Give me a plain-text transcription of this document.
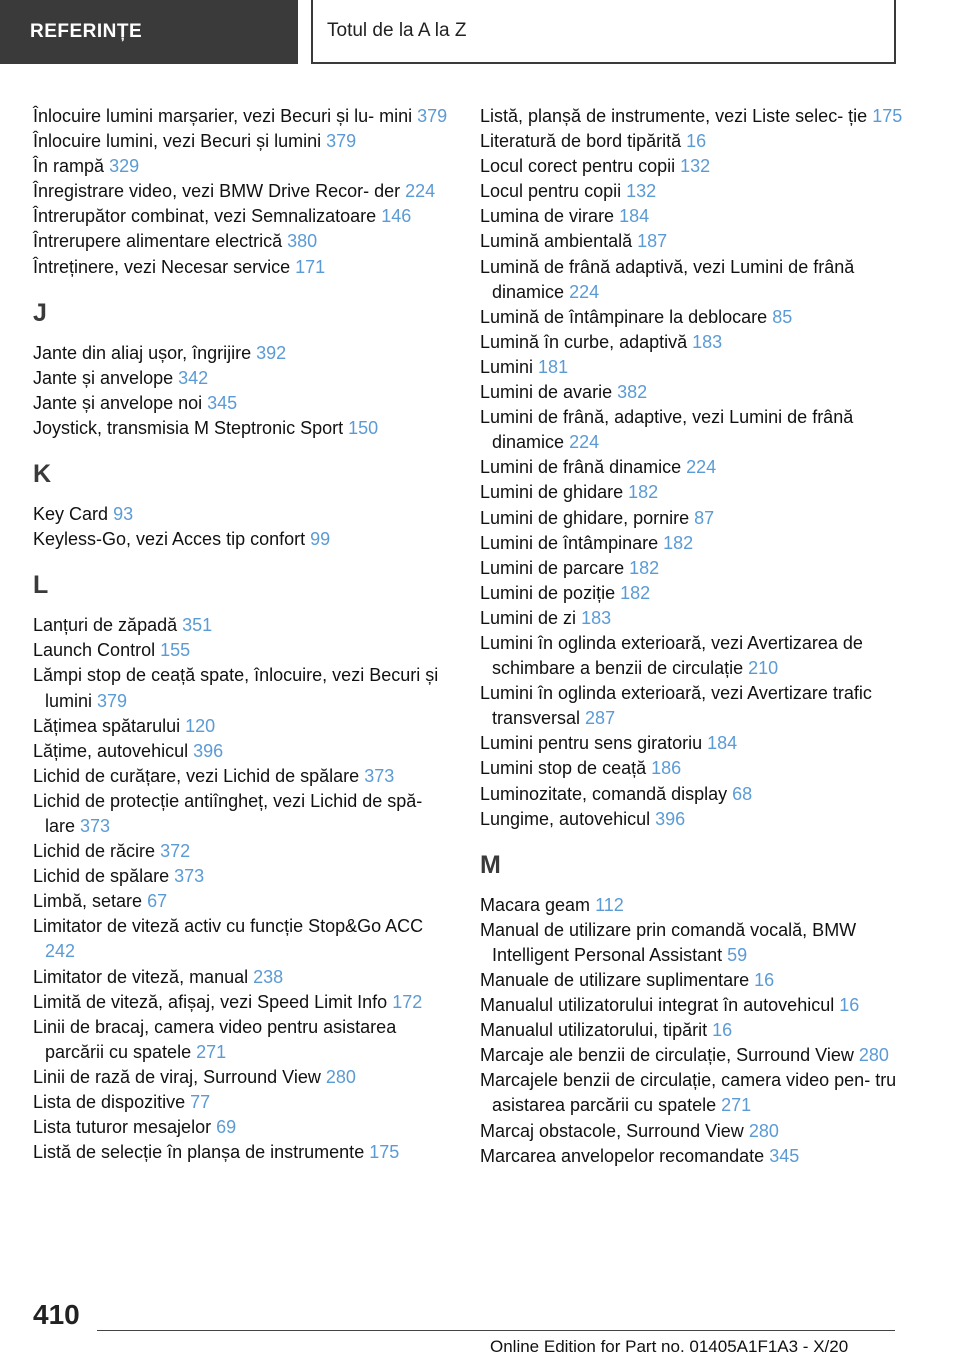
REFERINȚE	Totul de la A la Z
Înlocuire lumini marșarier, vezi Becuri și lu‐ mini 379
Înlocuire lumini, vezi Becuri și lumini 379
În rampă 329
Înregistrare video, vezi BMW Drive Recor‐ der 224
Întrerupător combinat, vezi Semnalizatoare 146
Întrerupere alimentare electrică 380
Întreținere, vezi Necesar service 171
J
Jante din aliaj ușor, îngrijire 392
Jante și anvelope 342
Jante și anvelope noi 345
Joystick, transmisia M Steptronic Sport 150
K
Key Card 93
Keyless-Go, vezi Acces tip confort 99
L
Lanțuri de zăpadă 351
Launch Control 155
Lămpi stop de ceață spate, înlocuire, vezi Becuri și lumini 379
Lățimea spătarului 120
Lățime, autovehicul 396
Lichid de curățare, vezi Lichid de spălare 373
Lichid de protecție antiîngheț, vezi Lichid de spă‐ lare 373
Lichid de răcire 372
Lichid de spălare 373
Limbă, setare 67
Limitator de viteză activ cu funcție Stop&Go ACC 242
Limitator de viteză, manual 238
Limită de viteză, afișaj, vezi Speed Limit Info 172
Linii de bracaj, camera video pentru asistarea parcării cu spatele 271
Linii de rază de viraj, Surround View 280
Lista de dispozitive 77
Lista tuturor mesajelor 69
Listă de selecție în planșa de instrumente 175
Listă, planșă de instrumente, vezi Liste selec‐ ție 175
Literatură de bord tipărită 16
Locul corect pentru copii 132
Locul pentru copii 132
Lumina de virare 184
Lumină ambientală 187
Lumină de frână adaptivă, vezi Lumini de frână dinamice 224
Lumină de întâmpinare la deblocare 85
Lumină în curbe, adaptivă 183
Lumini 181
Lumini de avarie 382
Lumini de frână, adaptive, vezi Lumini de frână dinamice 224
Lumini de frână dinamice 224
Lumini de ghidare 182
Lumini de ghidare, pornire 87
Lumini de întâmpinare 182
Lumini de parcare 182
Lumini de poziție 182
Lumini de zi 183
Lumini în oglinda exterioară, vezi Avertizarea de schimbare a benzii de circulație 210
Lumini în oglinda exterioară, vezi Avertizare trafic transversal 287
Lumini pentru sens giratoriu 184
Lumini stop de ceață 186
Luminozitate, comandă display 68
Lungime, autovehicul 396
M
Macara geam 112
Manual de utilizare prin comandă vocală, BMW Intelligent Personal Assistant 59
Manuale de utilizare suplimentare 16
Manualul utilizatorului integrat în autovehicul 16
Manualul utilizatorului, tipărit 16
Marcaje ale benzii de circulație, Surround View 280
Marcajele benzii de circulație, camera video pen‐ tru asistarea parcării cu spatele 271
Marcaj obstacole, Surround View 280
Marcarea anvelopelor recomandate 345
410
Online Edition for Part no. 01405A1F1A3 - X/20
